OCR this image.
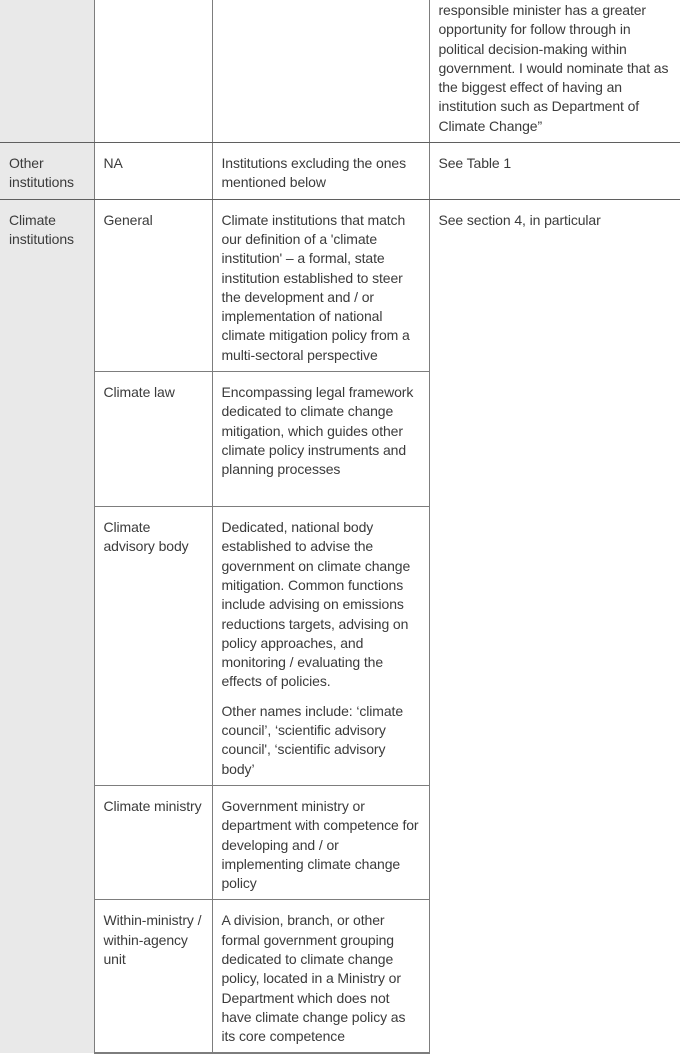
			responsible minister has a greater opportunity for follow through in political decision-making within government. I would nominate that as the biggest effect of having an institution such as Department of Climate Change”
Other institutions	NA	Institutions excluding the ones mentioned below	See Table 1
Climate institutions	General	Climate institutions that match our definition of a 'climate institution' – a formal, state institution established to steer the development and / or implementation of national climate mitigation policy from a multi-sectoral perspective	See section 4, in particular
	Climate law	Encompassing legal framework dedicated to climate change mitigation, which guides other climate policy instruments and planning processes	
	Climate advisory body	Dedicated, national body established to advise the government on climate change mitigation. Common functions include advising on emissions reductions targets, advising on policy approaches, and monitoring / evaluating the effects of policies.

Other names include: ‘climate council’, ‘scientific advisory council', ‘scientific advisory body’	

	Climate ministry	Government ministry or department with competence for developing and / or implementing climate change policy	
	Within-ministry / within-agency unit	A division, branch, or other formal government grouping dedicated to climate change policy, located in a Ministry or Department which does not have climate change policy as its core competence	
